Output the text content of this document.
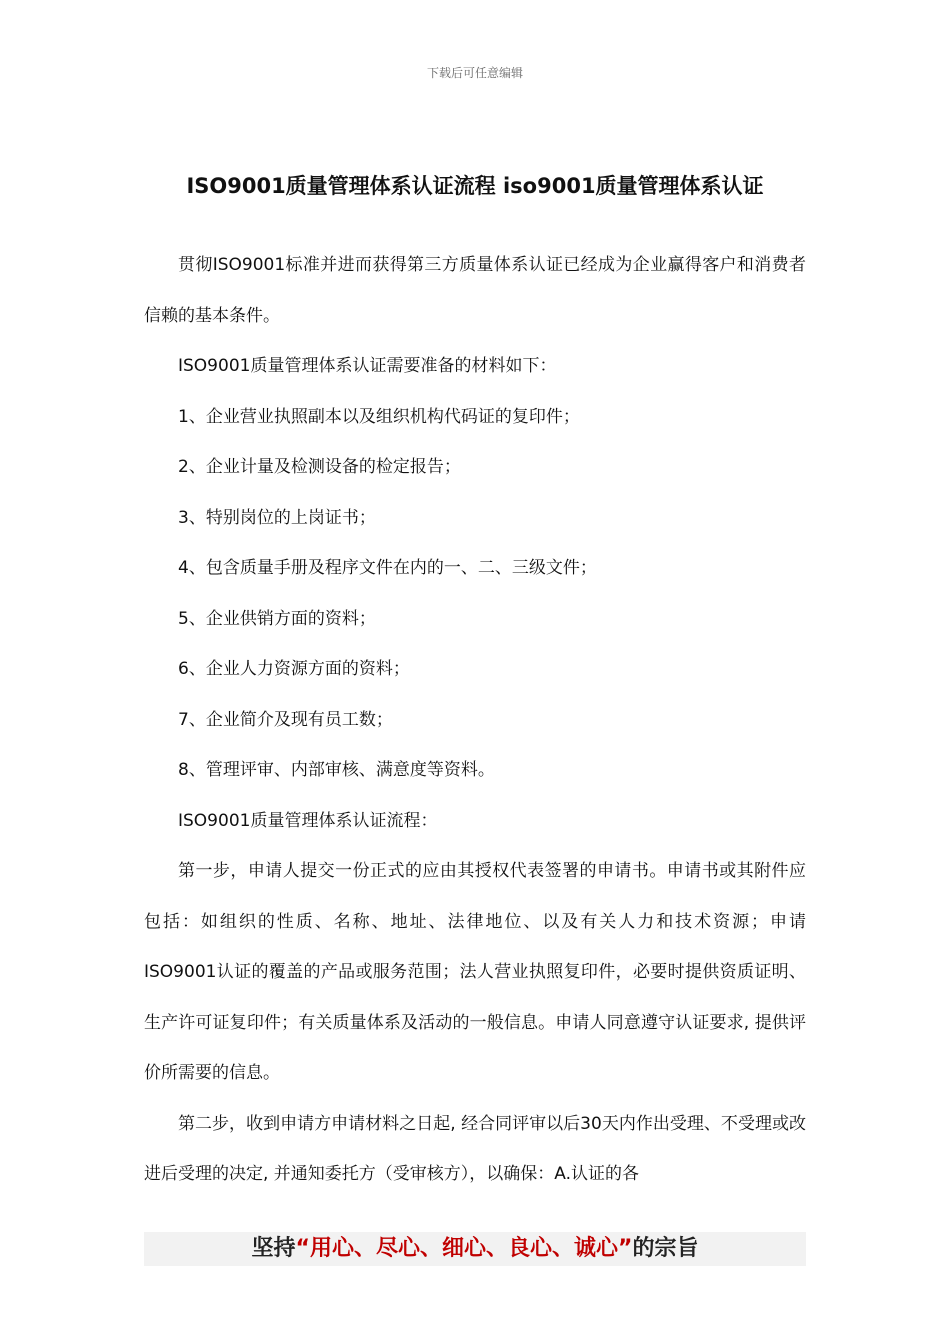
下载后可任意编辑
ISO9001质量管理体系认证流程 iso9001质量管理体系认证

贯彻ISO9001标准并进而获得第三方质量体系认证已经成为企业赢得客户和消费者信赖的基本条件。

ISO9001质量管理体系认证需要准备的材料如下：

1、企业营业执照副本以及组织机构代码证的复印件；

2、企业计量及检测设备的检定报告；

3、特别岗位的上岗证书；

4、包含质量手册及程序文件在内的一、二、三级文件；

5、企业供销方面的资料；

6、企业人力资源方面的资料；

7、企业简介及现有员工数；

8、管理评审、内部审核、满意度等资料。

ISO9001质量管理体系认证流程：

第一步，申请人提交一份正式的应由其授权代表签署的申请书。申请书或其附件应包括：如组织的性质、名称、地址、法律地位、以及有关人力和技术资源；申请ISO9001认证的覆盖的产品或服务范围；法人营业执照复印件，必要时提供资质证明、生产许可证复印件；有关质量体系及活动的一般信息。申请人同意遵守认证要求, 提供评价所需要的信息。

第二步，收到申请方申请材料之日起, 经合同评审以后30天内作出受理、不受理或改进后受理的决定, 并通知委托方（受审核方），以确保：A.认证的各

坚持“用心、尽心、细心、良心、诚心”的宗旨
